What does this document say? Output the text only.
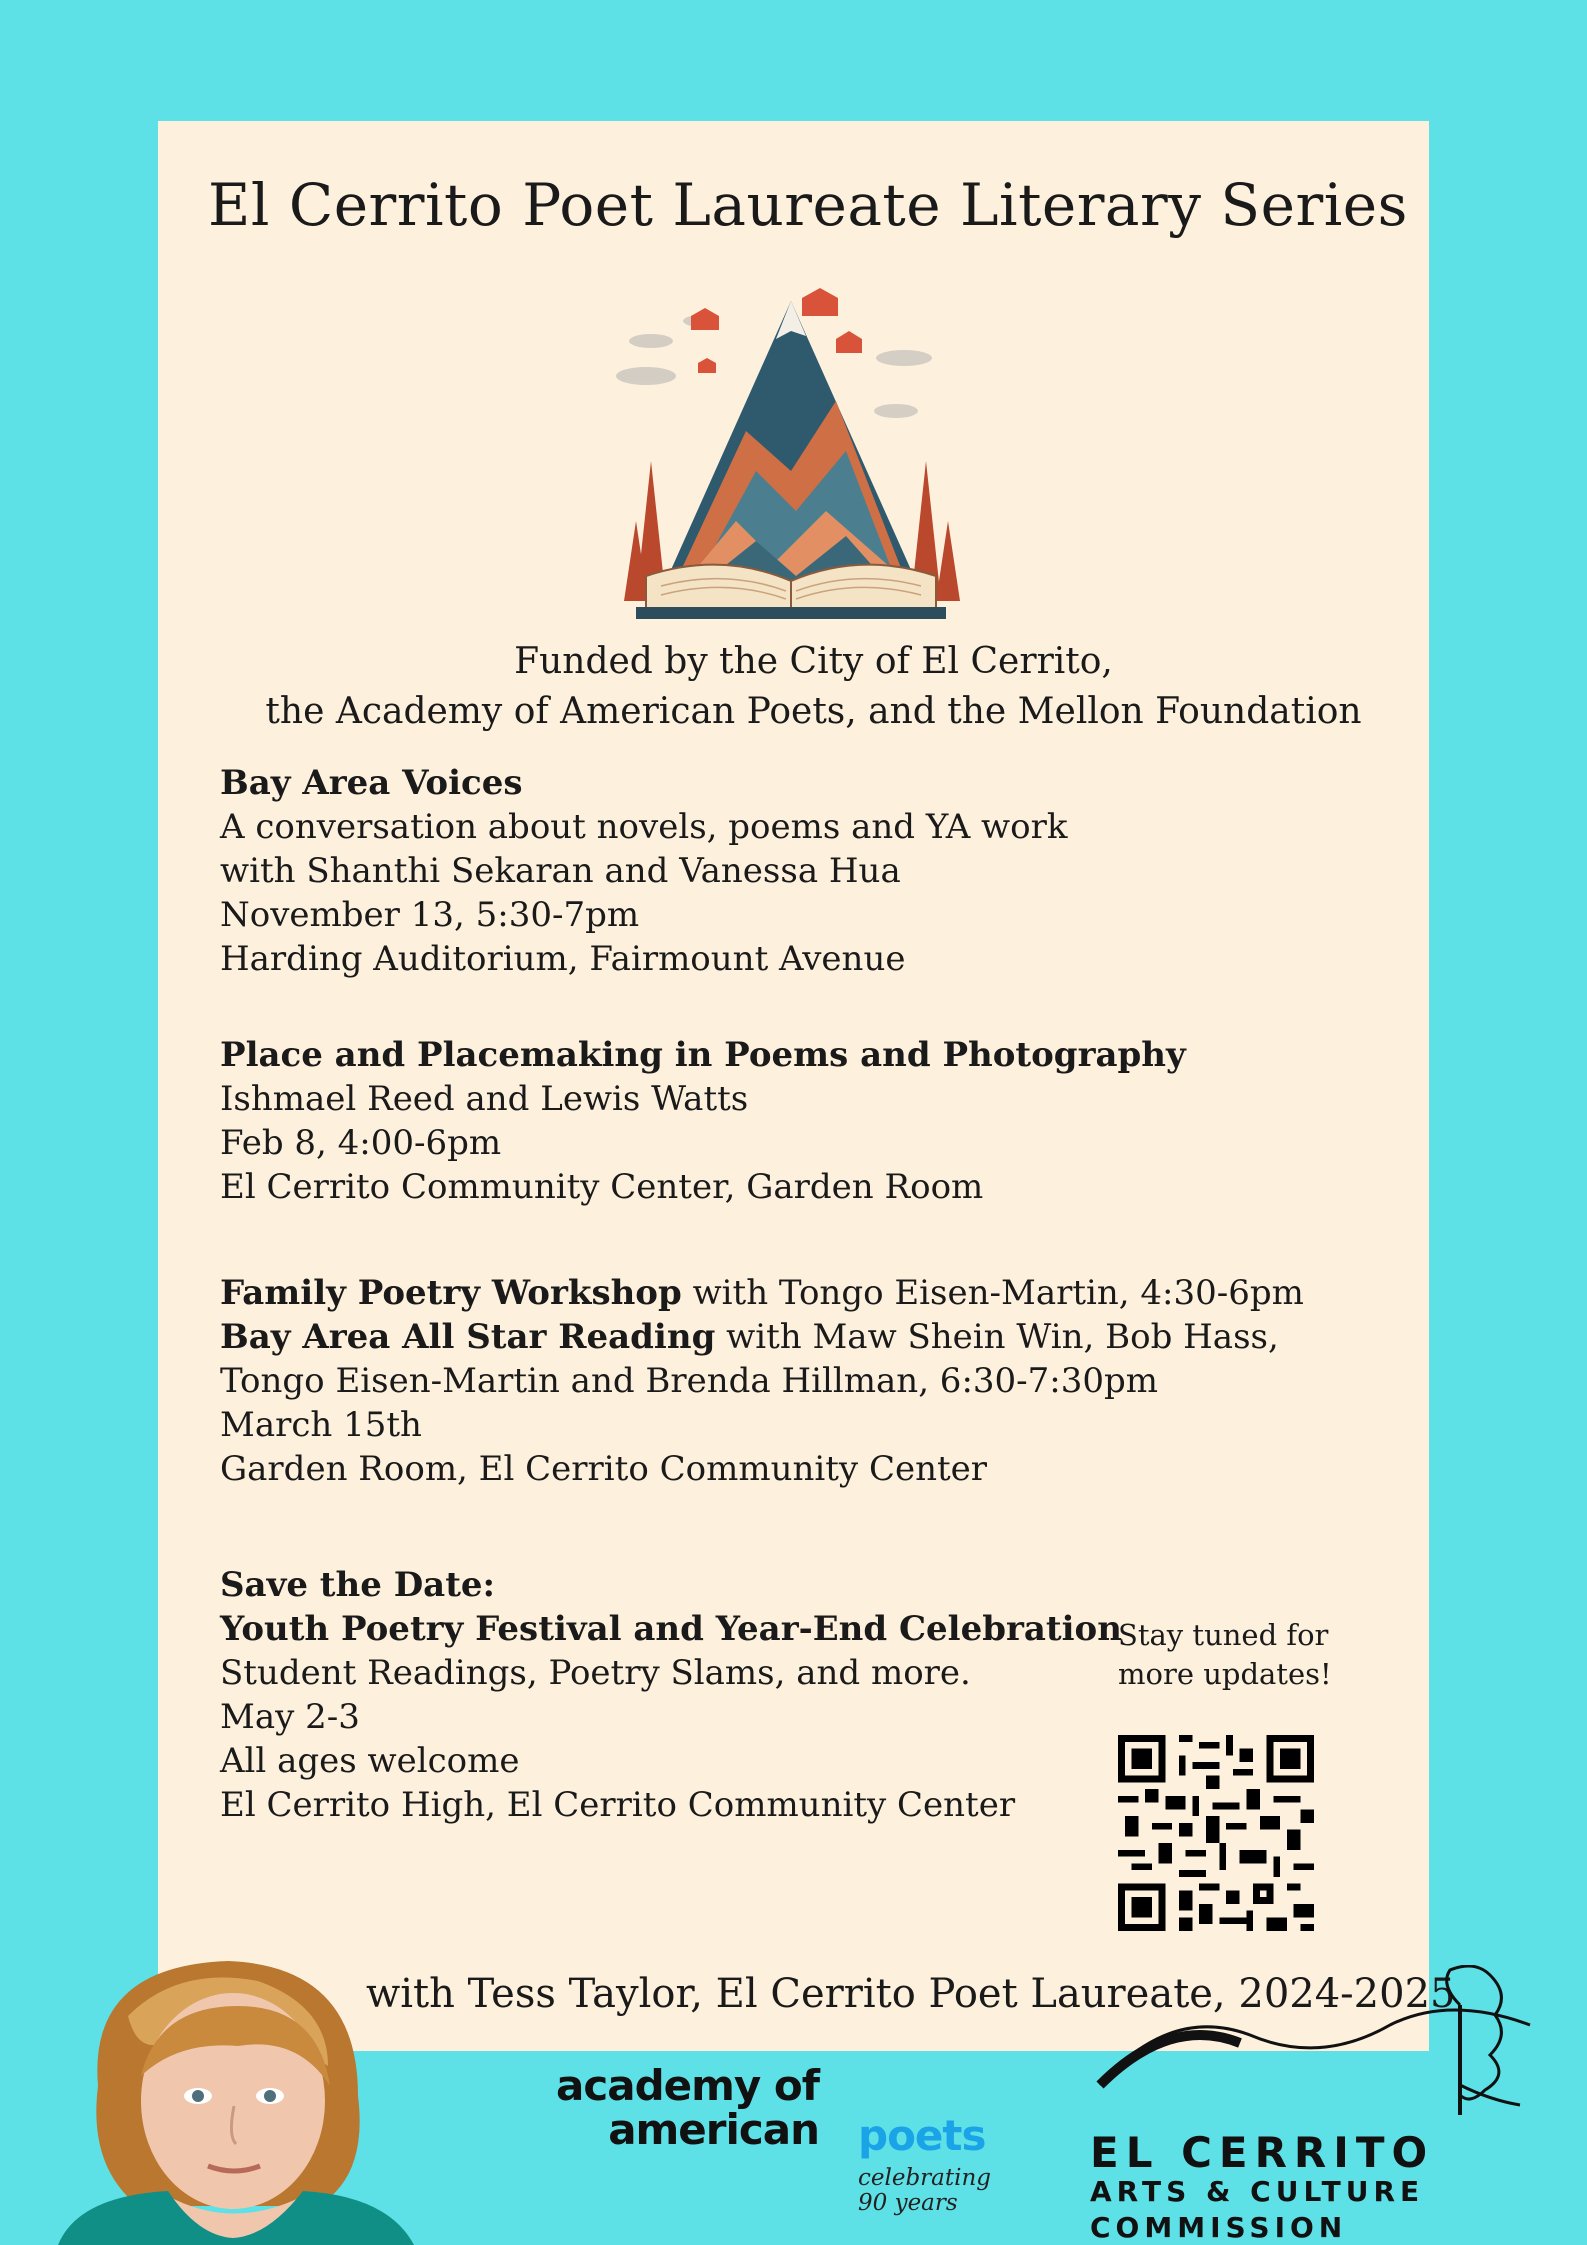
El Cerrito Poet Laureate Literary Series
Funded by the City of El Cerrito,
the Academy of American Poets, and the Mellon Foundation
Bay Area Voices
A conversation about novels, poems and YA work
with Shanthi Sekaran and Vanessa Hua
November 13, 5:30-7pm
Harding Auditorium, Fairmount Avenue
Place and Placemaking in Poems and Photography
Ishmael Reed and Lewis Watts
Feb 8, 4:00-6pm
El Cerrito Community Center, Garden Room
Family Poetry Workshop with Tongo Eisen-Martin, 4:30-6pm
Bay Area All Star Reading with Maw Shein Win, Bob Hass,
Tongo Eisen-Martin and Brenda Hillman, 6:30-7:30pm
March 15th
Garden Room, El Cerrito Community Center
Save the Date:
Youth Poetry Festival and Year-End Celebration
Student Readings, Poetry Slams, and more.
May 2-3
All ages welcome
El Cerrito High, El Cerrito Community Center
Stay tuned for
more updates!
with Tess Taylor, El Cerrito Poet Laureate, 2024-2025
academy of
american poets
celebrating
90 years
EL CERRITO
ARTS & CULTURE
COMMISSION
